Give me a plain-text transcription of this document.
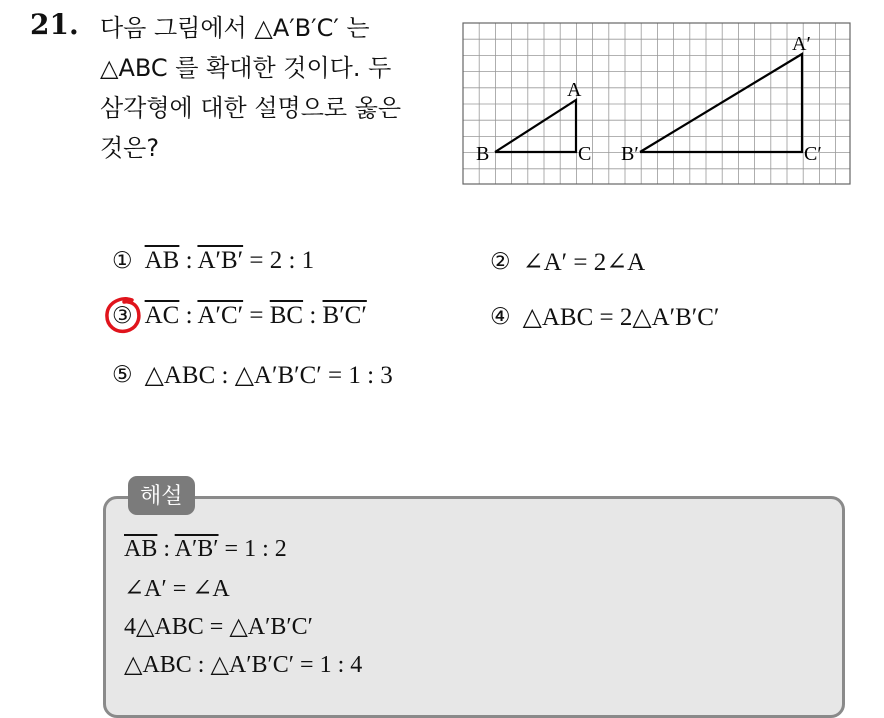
21. 다음 그림에서 △A′B′C′ 는
△ABC 를 확대한 것이다. 두
삼각형에 대한 설명으로 옳은
것은?
A
B	C
A′
B′	C′
① $\overline{AB}$ : A′B′ = 2 : 1	② ∠A′ = 2∠A
③ $\overline{AC}$ : $A'C' = \overline{BC}$ : B′C′	④ △ABC = 2△A′B′C′
⑤ △ABC : △A′B′C′ = 1 : 3
해설
$\overline{AB}$ : A′B′ = 1 : 2
∠A′ = ∠A
4△ABC = △A′B′C′
△ABC : △A′B′C′ = 1 : 4
